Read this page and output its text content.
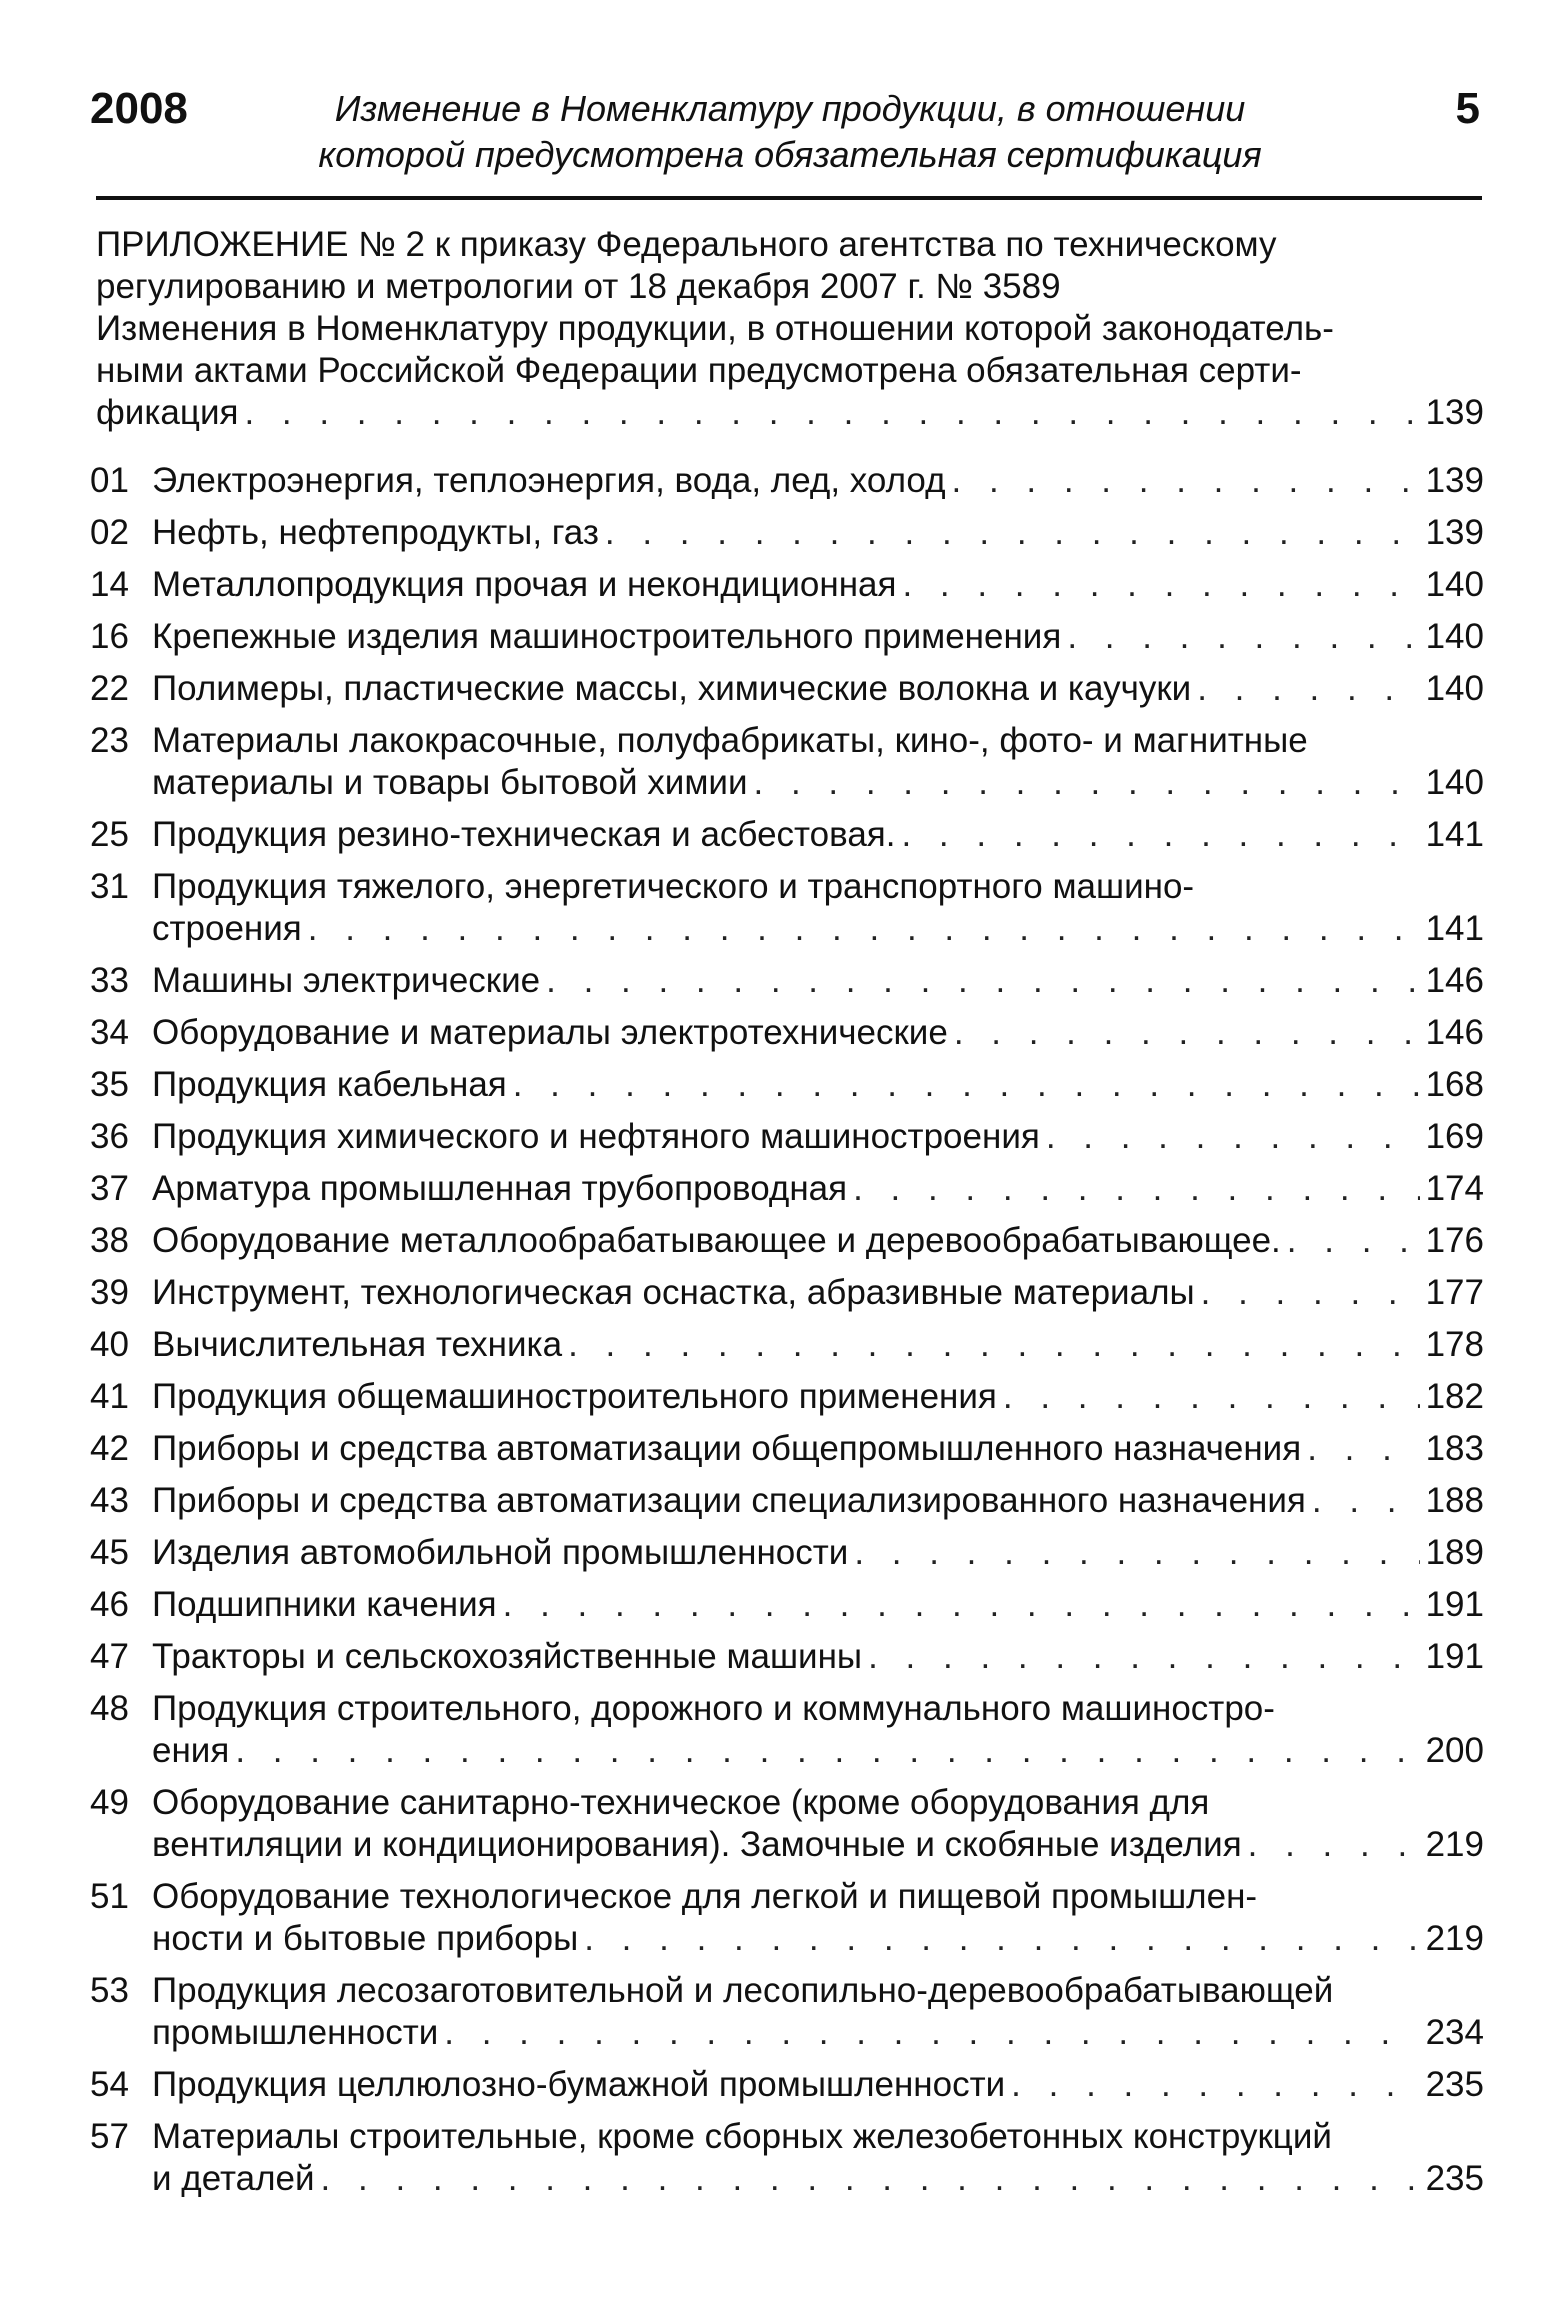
2008	Изменение в Номенклатуру продукции, в отношении
которой предусмотрена обязательная сертификация
5
ПРИЛОЖЕНИЕ № 2 к приказу Федерального агентства по техническому
регулированию и метрологии от 18 декабря 2007 г. № 3589
Изменения в Номенклатуру продукции, в отношении которой законодатель-
ными актами Российской Федерации предусмотрена обязательная серти-
фикация . . .	139
01 Электроэнергия, теплоэнергия, вода, лед, холод . . .	139
02 Нефть, нефтепродукты, газ . . .	139
14 Металлопродукция прочая и некондиционная . . .	140
16 Крепежные изделия машиностроительного применения . . .	140
22 Полимеры, пластические массы, химические волокна и каучуки . . .	140
23 Материалы лакокрасочные, полуфабрикаты, кино-, фото- и магнитные
материалы и товары бытовой химии . . .	140
25 Продукция резино-техническая и асбестовая. . . .	141
31 Продукция тяжелого, энергетического и транспортного машино-
строения . . .	141
33 Машины электрические . . .	146
34 Оборудование и материалы электротехнические . . .	146
35 Продукция кабельная . . .	168
36 Продукция химического и нефтяного машиностроения . . .	169
37 Арматура промышленная трубопроводная . . .	174
38 Оборудование металлообрабатывающее и деревообрабатывающее. . . .	176
39 Инструмент, технологическая оснастка, абразивные материалы . . .	177
40 Вычислительная техника . . .	178
41 Продукция общемашиностроительного применения . . .	182
42 Приборы и средства автоматизации общепромышленного назначения . . .	183
43 Приборы и средства автоматизации специализированного назначения . . .	188
45 Изделия автомобильной промышленности . . .	189
46 Подшипники качения . . .	191
47 Тракторы и сельскохозяйственные машины . . .	191
48 Продукция строительного, дорожного и коммунального машиностро-
ения . . .	200
49 Оборудование санитарно-техническое (кроме оборудования для
вентиляции и кондиционирования). Замочные и скобяные изделия . . .	219
51 Оборудование технологическое для легкой и пищевой промышлен-
ности и бытовые приборы . . .	219
53 Продукция лесозаготовительной и лесопильно-деревообрабатывающей
промышленности . . .	234
54 Продукция целлюлозно-бумажной промышленности . . .	235
57 Материалы строительные, кроме сборных железобетонных конструкций
и деталей . . .	235
